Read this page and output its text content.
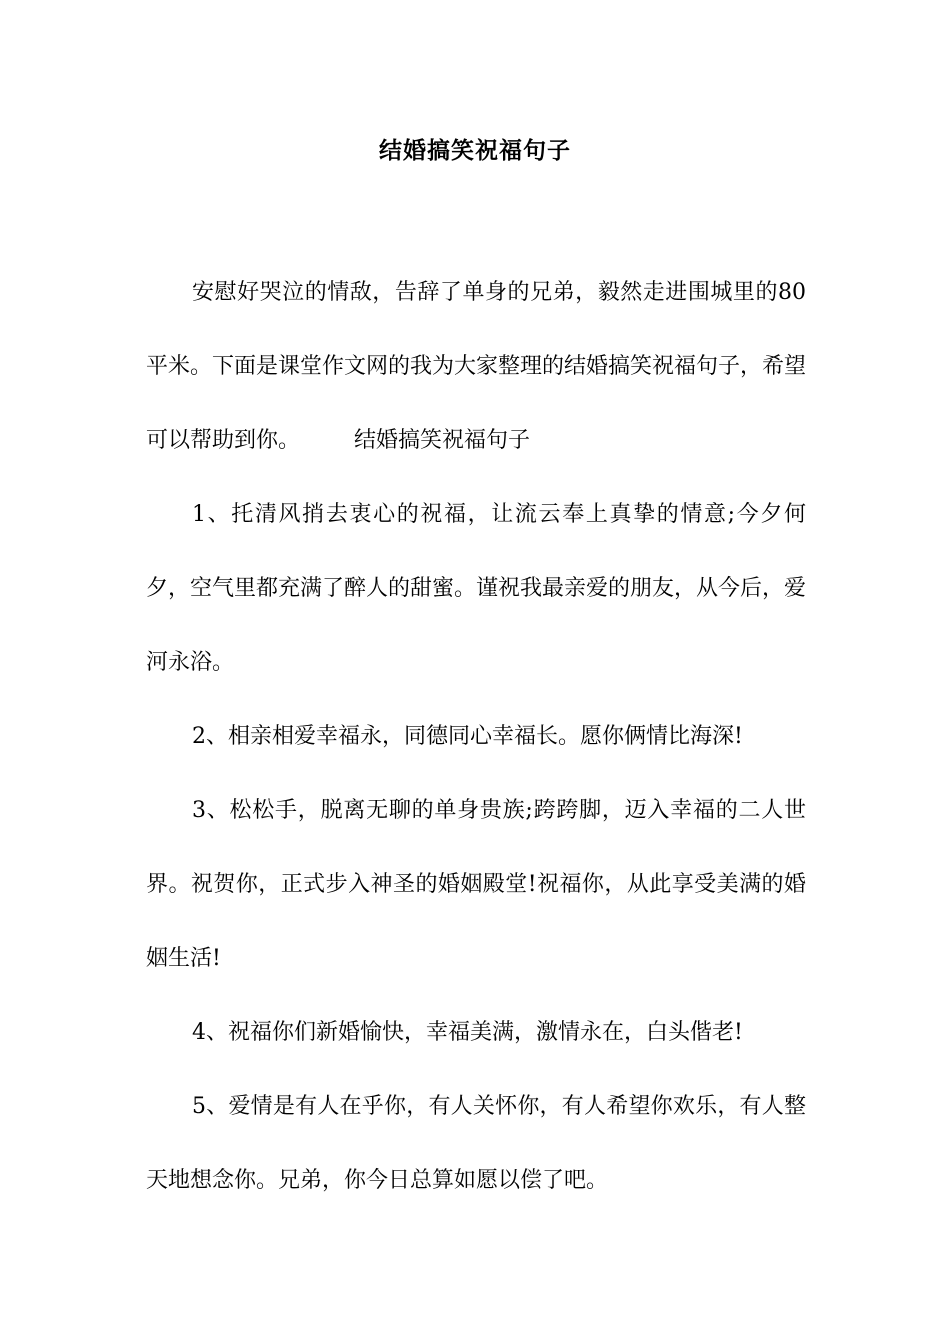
结婚搞笑祝福句子

安慰好哭泣的情敌，告辞了单身的兄弟，毅然走进围城里的80平米。下面是课堂作文网的我为大家整理的结婚搞笑祝福句子，希望可以帮助到你。 结婚搞笑祝福句子

1、托清风捎去衷心的祝福，让流云奉上真挚的情意;今夕何夕，空气里都充满了醉人的甜蜜。谨祝我最亲爱的朋友，从今后，爱河永浴。

2、相亲相爱幸福永，同德同心幸福长。愿你俩情比海深!

3、松松手，脱离无聊的单身贵族;跨跨脚，迈入幸福的二人世界。祝贺你，正式步入神圣的婚姻殿堂!祝福你，从此享受美满的婚姻生活!

4、祝福你们新婚愉快，幸福美满，激情永在，白头偕老!

5、爱情是有人在乎你，有人关怀你，有人希望你欢乐，有人整天地想念你。兄弟，你今日总算如愿以偿了吧。
